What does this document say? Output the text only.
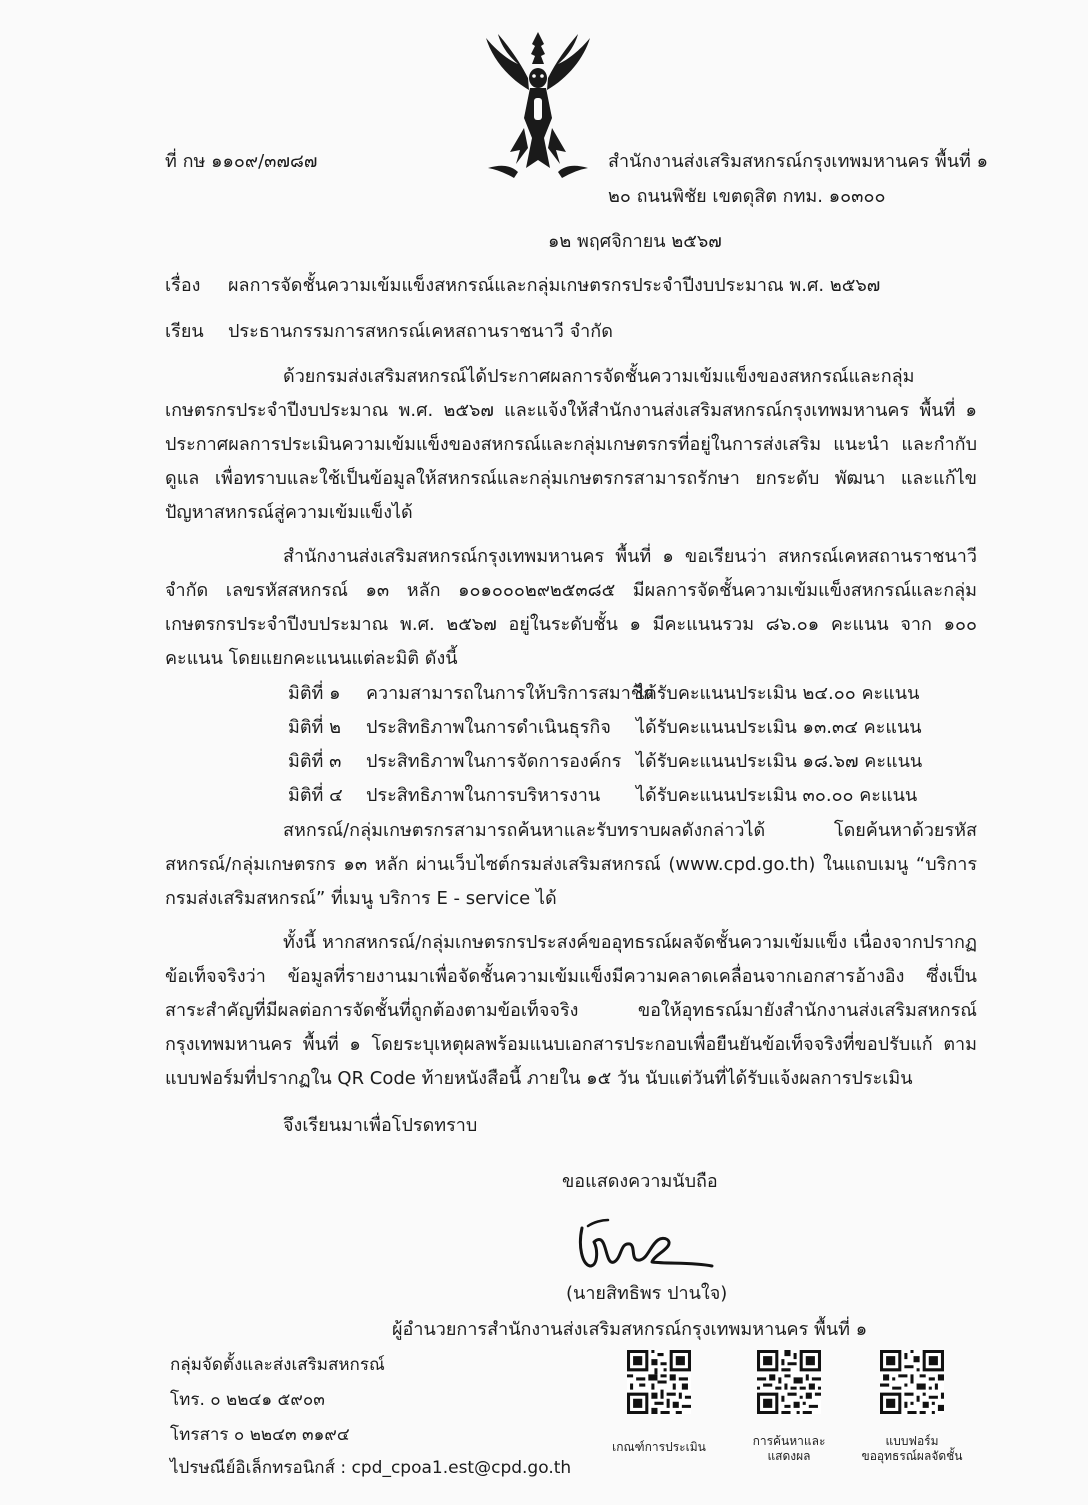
ที่ กษ ๑๑๐๙/๓๗๘๗	สำนักงานส่งเสริมสหกรณ์กรุงเทพมหานคร พื้นที่ ๑
๒๐ ถนนพิชัย เขตดุสิต กทม. ๑๐๓๐๐
๑๒ พฤศจิกายน ๒๕๖๗
เรื่อง ผลการจัดชั้นความเข้มแข็งสหกรณ์และกลุ่มเกษตรกรประจำปีงบประมาณ พ.ศ. ๒๕๖๗
เรียน ประธานกรรมการสหกรณ์เคหสถานราชนาวี จำกัด
ด้วยกรมส่งเสริมสหกรณ์ได้ประกาศผลการจัดชั้นความเข้มแข็งของสหกรณ์และกลุ่มเกษตรกรประจำปีงบประมาณ พ.ศ. ๒๕๖๗ และแจ้งให้สำนักงานส่งเสริมสหกรณ์กรุงเทพมหานคร พื้นที่ ๑ ประกาศผลการประเมินความเข้มแข็งของสหกรณ์และกลุ่มเกษตรกรที่อยู่ในการส่งเสริม แนะนำ และกำกับดูแล เพื่อทราบและใช้เป็นข้อมูลให้สหกรณ์และกลุ่มเกษตรกรสามารถรักษา ยกระดับ พัฒนา และแก้ไขปัญหาสหกรณ์สู่ความเข้มแข็งได้
สำนักงานส่งเสริมสหกรณ์กรุงเทพมหานคร พื้นที่ ๑ ขอเรียนว่า สหกรณ์เคหสถานราชนาวี จำกัด เลขรหัสสหกรณ์ ๑๓ หลัก ๑๐๑๐๐๐๒๙๒๕๓๘๕ มีผลการจัดชั้นความเข้มแข็งสหกรณ์และกลุ่มเกษตรกรประจำปีงบประมาณ พ.ศ. ๒๕๖๗ อยู่ในระดับชั้น ๑ มีคะแนนรวม ๘๖.๐๑ คะแนน จาก ๑๐๐ คะแนน โดยแยกคะแนนแต่ละมิติ ดังนี้
มิติที่ ๑ ความสามารถในการให้บริการสมาชิกได้รับคะแนนประเมิน ๒๔.๐๐ คะแนน
มิติที่ ๒ ประสิทธิภาพในการดำเนินธุรกิจ ได้รับคะแนนประเมิน ๑๓.๓๔ คะแนน
มิติที่ ๓ ประสิทธิภาพในการจัดการองค์กร ได้รับคะแนนประเมิน ๑๘.๖๗ คะแนน
มิติที่ ๔ ประสิทธิภาพในการบริหารงาน ได้รับคะแนนประเมิน ๓๐.๐๐ คะแนน
สหกรณ์/กลุ่มเกษตรกรสามารถค้นหาและรับทราบผลดังกล่าวได้ โดยค้นหาด้วยรหัสสหกรณ์/กลุ่มเกษตรกร ๑๓ หลัก ผ่านเว็บไซต์กรมส่งเสริมสหกรณ์ (www.cpd.go.th) ในแถบเมนู “บริการกรมส่งเสริมสหกรณ์” ที่เมนู บริการ E - service ได้
ทั้งนี้ หากสหกรณ์/กลุ่มเกษตรกรประสงค์ขออุทธรณ์ผลจัดชั้นความเข้มแข็ง เนื่องจากปรากฏข้อเท็จจริงว่า ข้อมูลที่รายงานมาเพื่อจัดชั้นความเข้มแข็งมีความคลาดเคลื่อนจากเอกสารอ้างอิง ซึ่งเป็นสาระสำคัญที่มีผลต่อการจัดชั้นที่ถูกต้องตามข้อเท็จจริง ขอให้อุทธรณ์มายังสำนักงานส่งเสริมสหกรณ์กรุงเทพมหานคร พื้นที่ ๑ โดยระบุเหตุผลพร้อมแนบเอกสารประกอบเพื่อยืนยันข้อเท็จจริงที่ขอปรับแก้ ตามแบบฟอร์มที่ปรากฏใน QR Code ท้ายหนังสือนี้ ภายใน ๑๕ วัน นับแต่วันที่ได้รับแจ้งผลการประเมิน
จึงเรียนมาเพื่อโปรดทราบ
ขอแสดงความนับถือ
(นายสิทธิพร ปานใจ)
ผู้อำนวยการสำนักงานส่งเสริมสหกรณ์กรุงเทพมหานคร พื้นที่ ๑
กลุ่มจัดตั้งและส่งเสริมสหกรณ์
โทร. ๐ ๒๒๔๑ ๕๙๐๓
โทรสาร ๐ ๒๒๔๓ ๓๑๙๔
ไปรษณีย์อิเล็กทรอนิกส์ : cpd_cpoa1.est@cpd.go.th
เกณฑ์การประเมิน	การค้นหาและ
แสดงผล
แบบฟอร์ม
ขออุทธรณ์ผลจัดชั้น
